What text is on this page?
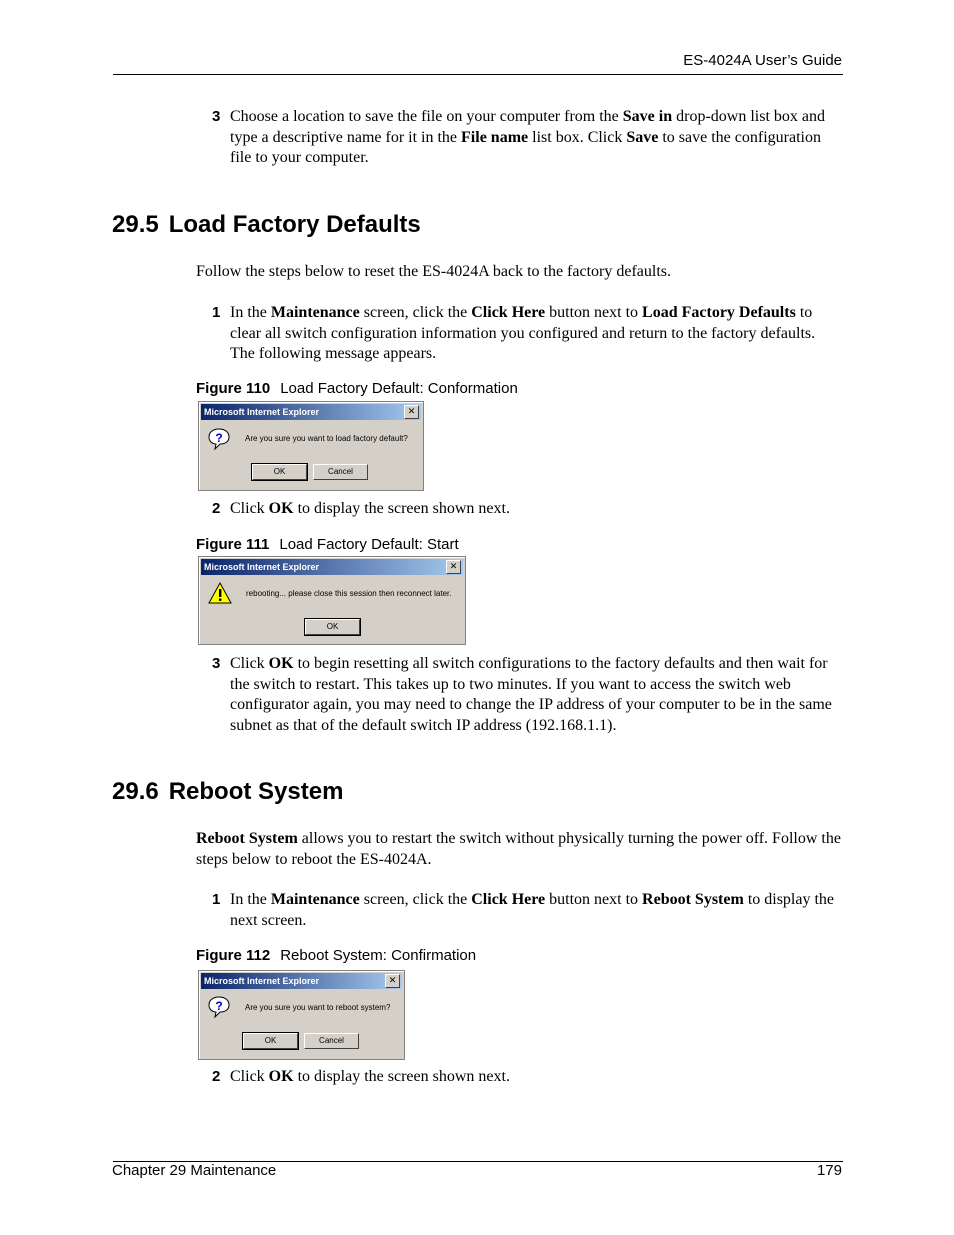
ES-4024A User’s Guide
3 Choose a location to save the file on your computer from the Save in drop-down list box and type a descriptive name for it in the File name list box. Click Save to save the configuration file to your computer.
29.5 Load Factory Defaults
Follow the steps below to reset the ES-4024A back to the factory defaults.
1 In the Maintenance screen, click the Click Here button next to Load Factory Defaults to clear all switch configuration information you configured and return to the factory defaults. The following message appears.
Figure 110 Load Factory Default: Conformation
Microsoft Internet Explorer	✕
?	Are you sure you want to load factory default?
OK	Cancel
2 Click OK to display the screen shown next.
Figure 111 Load Factory Default: Start
Microsoft Internet Explorer	✕
rebooting... please close this session then reconnect later.
OK
3 Click OK to begin resetting all switch configurations to the factory defaults and then wait for the switch to restart. This takes up to two minutes. If you want to access the switch web configurator again, you may need to change the IP address of your computer to be in the same subnet as that of the default switch IP address (192.168.1.1).
29.6 Reboot System
Reboot System allows you to restart the switch without physically turning the power off. Follow the steps below to reboot the ES-4024A.
1 In the Maintenance screen, click the Click Here button next to Reboot System to display the next screen.
Figure 112 Reboot System: Confirmation
Microsoft Internet Explorer	✕
?	Are you sure you want to reboot system?
OK	Cancel
2 Click OK to display the screen shown next.
Chapter 29 Maintenance	179
